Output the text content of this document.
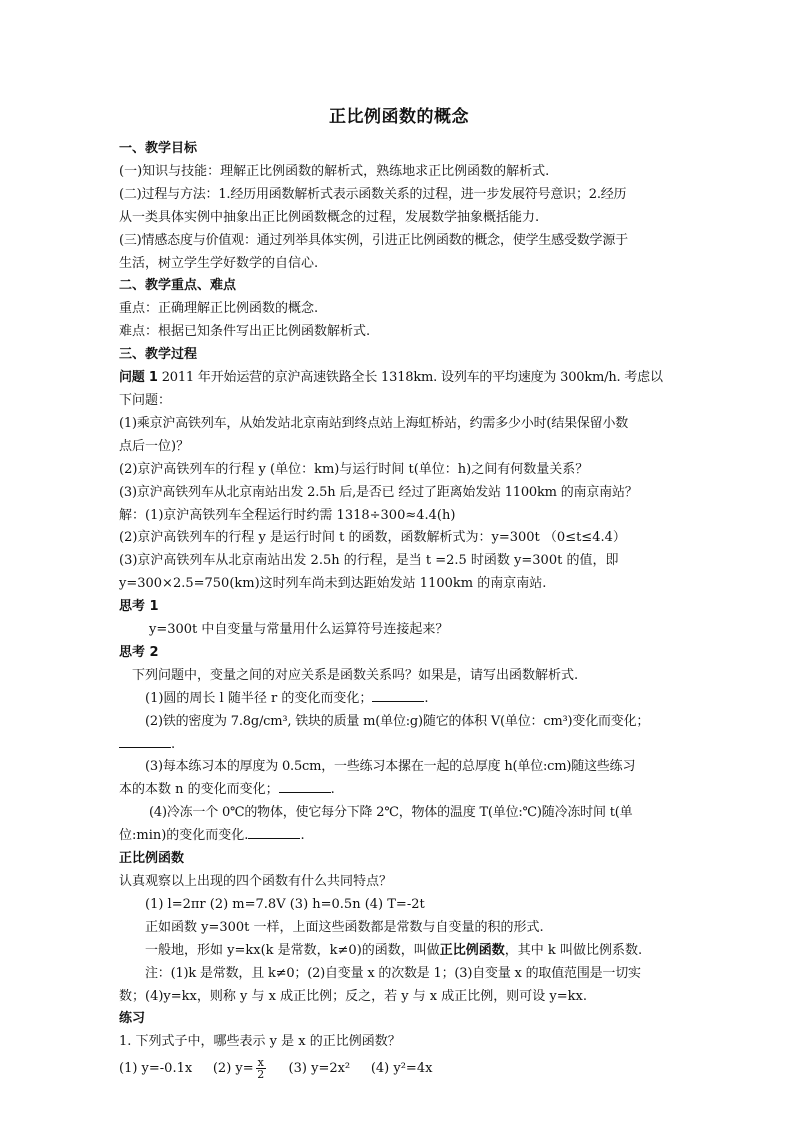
正比例函数的概念

一、教学目标

(一)知识与技能：理解正比例函数的解析式，熟练地求正比例函数的解析式.

(二)过程与方法：1.经历用函数解析式表示函数关系的过程，进一步发展符号意识；2.经历

从一类具体实例中抽象出正比例函数概念的过程，发展数学抽象概括能力.

(三)情感态度与价值观：通过列举具体实例，引进正比例函数的概念，使学生感受数学源于

生活，树立学生学好数学的自信心.

二、教学重点、难点

重点：正确理解正比例函数的概念.

难点：根据已知条件写出正比例函数解析式.

三、教学过程

问题 1 2011 年开始运营的京沪高速铁路全长 1318km. 设列车的平均速度为 300km/h. 考虑以

下问题：

(1)乘京沪高铁列车，从始发站北京南站到终点站上海虹桥站，约需多少小时(结果保留小数

点后一位)？

(2)京沪高铁列车的行程 y (单位：km)与运行时间 t(单位：h)之间有何数量关系？

(3)京沪高铁列车从北京南站出发 2.5h 后,是否已 经过了距离始发站 1100km 的南京南站？

解：(1)京沪高铁列车全程运行时约需 1318÷300≈4.4(h)

(2)京沪高铁列车的行程 y 是运行时间 t 的函数，函数解析式为：y=300t （0≤t≤4.4）

(3)京沪高铁列车从北京南站出发 2.5h 的行程，是当 t =2.5 时函数 y=300t 的值，即

y=300×2.5=750(km)这时列车尚未到达距始发站 1100km 的南京南站.

思考 1

y=300t 中自变量与常量用什么运算符号连接起来？

思考 2

下列问题中，变量之间的对应关系是函数关系吗？如果是，请写出函数解析式.

(1)圆的周长 l 随半径 r 的变化而变化；	.

(2)铁的密度为 7.8g/cm³, 铁块的质量 m(单位:g)随它的体积 V(单位：cm³)变化而变化；

.

(3)每本练习本的厚度为 0.5cm，一些练习本摞在一起的总厚度 h(单位:cm)随这些练习

本的本数 n 的变化而变化；	.

(4)冷冻一个 0℃的物体，使它每分下降 2℃，物体的温度 T(单位:℃)随冷冻时间 t(单

位:min)的变化而变化.	.

正比例函数

认真观察以上出现的四个函数有什么共同特点？

(1) l=2πr (2) m=7.8V (3) h=0.5n (4) T=-2t

正如函数 y=300t 一样，上面这些函数都是常数与自变量的积的形式.

一般地，形如 y=kx(k 是常数，k≠0)的函数，叫做正比例函数，其中 k 叫做比例系数.

注：(1)k 是常数，且 k≠0；(2)自变量 x 的次数是 1；(3)自变量 x 的取值范围是一切实

数；(4)y=kx，则称 y 与 x 成正比例；反之，若 y 与 x 成正比例，则可设 y=kx.

练习

1. 下列式子中，哪些表示 y 是 x 的正比例函数？

(1) y=-0.1x (2) $y= \frac{x}{2} (3)$ y=2x² (4) y²=4x
